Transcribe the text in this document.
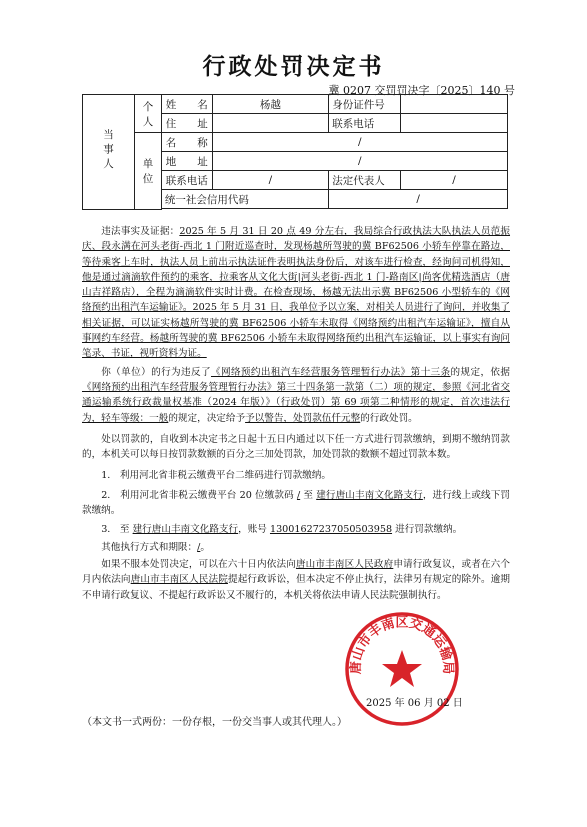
行政处罚决定书
冀 0207 交罚罚决字〔2025〕140 号
当事人	个人	姓　　名	杨越	身份证件号	
		住　　址		联系电话	
	单位	名　　称	/		
		地　　址	/		
		联系电话	/	法定代表人	/
		统一社会信用代码		/	

违法事实及证据：2025 年 5 月 31 日 20 点 49 分左右，我局综合行政执法大队执法人员范振庆、段永满在河头老街-西北 1 门附近巡查时，发现杨越所驾驶的冀 BF62506 小轿车停靠在路边，等待乘客上车时，执法人员上前出示执法证件表明执法身份后，对该车进行检查，经询问司机得知，他是通过滴滴软件预约的乘客，拉乘客从文化大街|河头老街-西北 1 门-路南区|尚客优精选酒店（唐山吉祥路店），全程为滴滴软件实时计费。在检查现场，杨越无法出示冀 BF62506 小型轿车的《网络预约出租汽车运输证》。2025 年 5 月 31 日，我单位予以立案，对相关人员进行了询问，并收集了相关证据，可以证实杨越所驾驶的冀 BF62506 小轿车未取得《网络预约出租汽车运输证》，擅自从事网约车经营。杨越所驾驶的冀 BF62506 小轿车未取得网络预约出租汽车运输证，以上事实有询问笔录、书证，视听资料为证。

你（单位）的行为违反了《网络预约出租汽车经营服务管理暂行办法》第十三条的规定，依据《网络预约出租汽车经营服务管理暂行办法》第三十四条第一款第（二）项的规定，参照《河北省交通运输系统行政裁量权基准（2024 年版）》（行政处罚）第 69 项第二种情形的规定，首次违法行为，轻车等级：一般的规定，决定给予予以警告，处罚款伍仟元整的行政处罚。

处以罚款的，自收到本决定书之日起十五日内通过以下任一方式进行罚款缴纳，到期不缴纳罚款的，本机关可以每日按罚款数额的百分之三加处罚款，加处罚款的数额不超过罚款本数。

1.　利用河北省非税云缴费平台二维码进行罚款缴纳。

2.　利用河北省非税云缴费平台 20 位缴款码 / 至 建行唐山丰南文化路支行，进行线上或线下罚款缴纳。

3.　至 建行唐山丰南文化路支行，账号 13001627237050503958 进行罚款缴纳。

其他执行方式和期限：/。

如果不服本处罚决定，可以在六十日内依法向唐山市丰南区人民政府申请行政复议，或者在六个月内依法向唐山市丰南区人民法院提起行政诉讼，但本决定不停止执行，法律另有规定的除外。逾期不申请行政复议、不提起行政诉讼又不履行的，本机关将依法申请人民法院强制执行。

唐山市丰南区交通运输局
2025 年 06 月 02 日
（本文书一式两份：一份存根，一份交当事人或其代理人。）
